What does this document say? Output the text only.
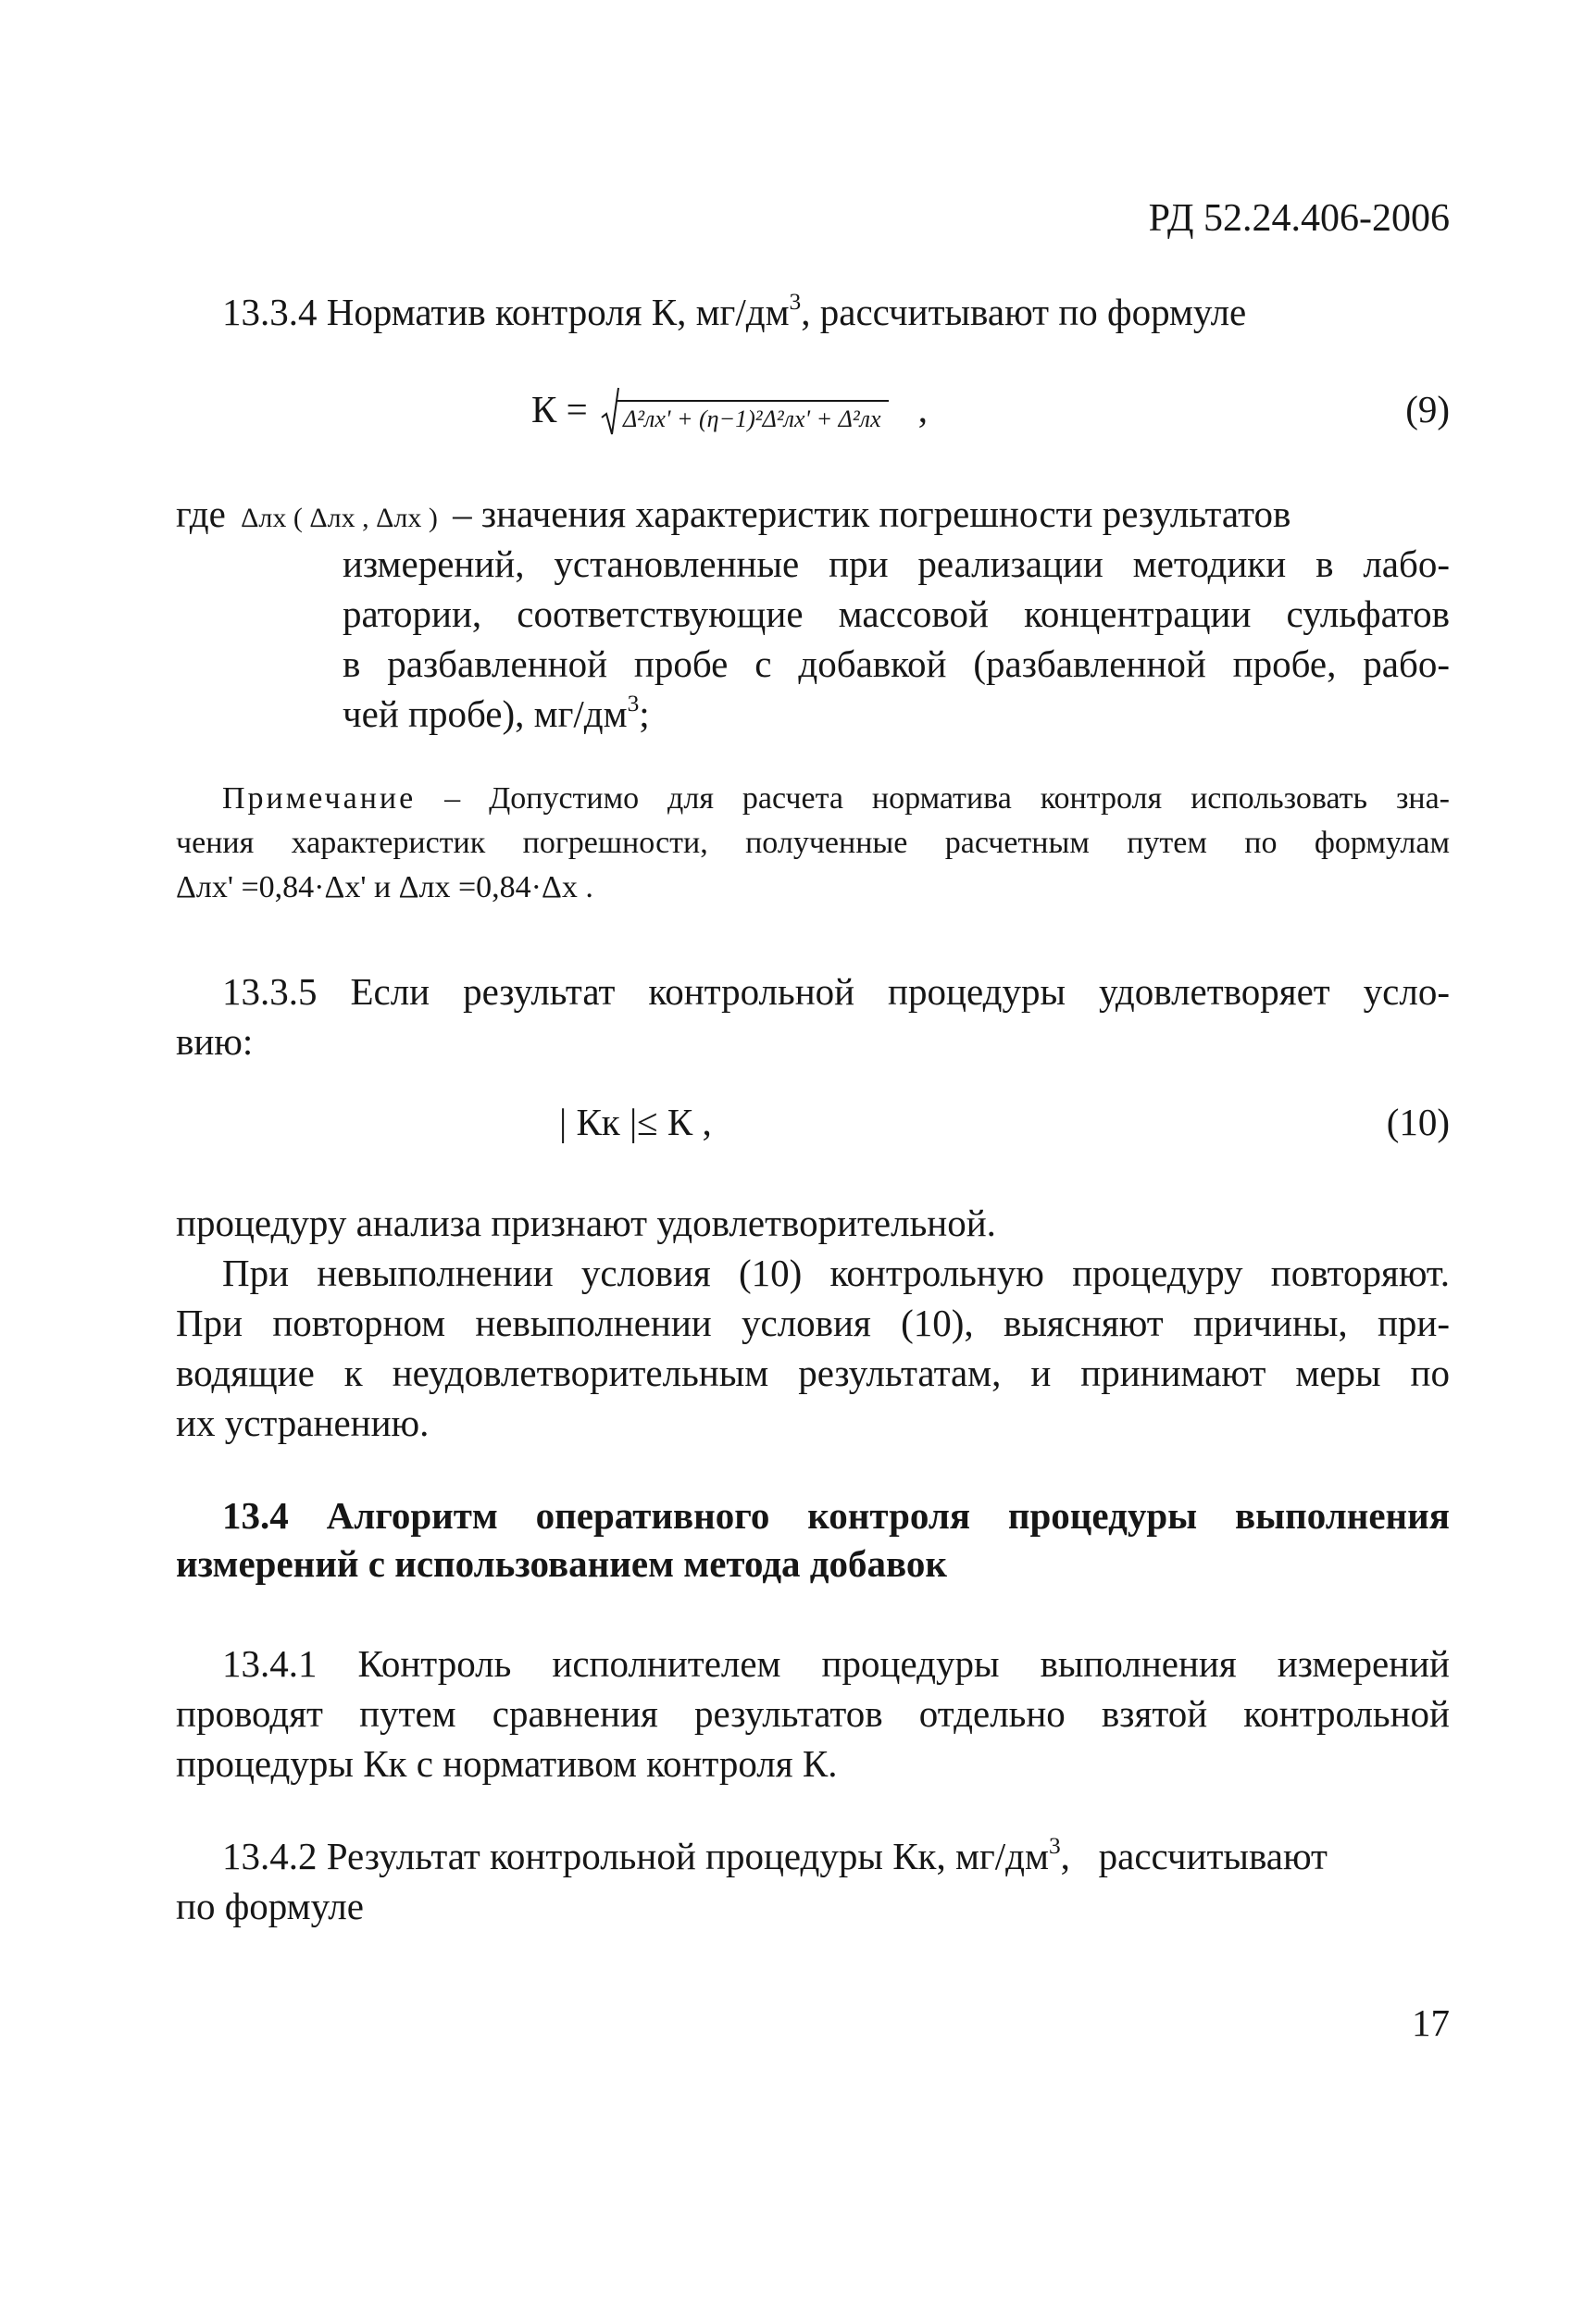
РД 52.24.406-2006
13.3.4 Норматив контроля К, $мг/дм^3$, рассчитывают по формуле
К = Δ²лх' + (η−1)²Δ²лх' + Δ²лх ,	(9)
где Δлх ( Δлх , Δлх ) – значения характеристик погрешности результатов
измерений, установленные при реализации методики в лабо-
ратории, соответствующие массовой концентрации сульфатов
в разбавленной пробе с добавкой (разбавленной пробе, рабо-
чей пробе), $мг/дм^3$;
Примечание – Допустимо для расчета норматива контроля использовать зна-
чения характеристик погрешности, полученные расчетным путем по формулам
Δлх' =0,84·Δх' и Δлх =0,84·Δх .
13.3.5 Если результат контрольной процедуры удовлетворяет усло-
вию:
| Кк |≤ К ,	(10)
процедуру анализа признают удовлетворительной.
При невыполнении условия (10) контрольную процедуру повторяют.
При повторном невыполнении условия (10), выясняют причины, при-
водящие к неудовлетворительным результатам, и принимают меры по
их устранению.
13.4 Алгоритм оперативного контроля процедуры выполнения
измерений с использованием метода добавок
13.4.1 Контроль исполнителем процедуры выполнения измерений
проводят путем сравнения результатов отдельно взятой контрольной
процедуры Кк с нормативом контроля К.
13.4.2 Результат контрольной процедуры Кк, $мг/дм^3$,   рассчитывают
по формуле
17
